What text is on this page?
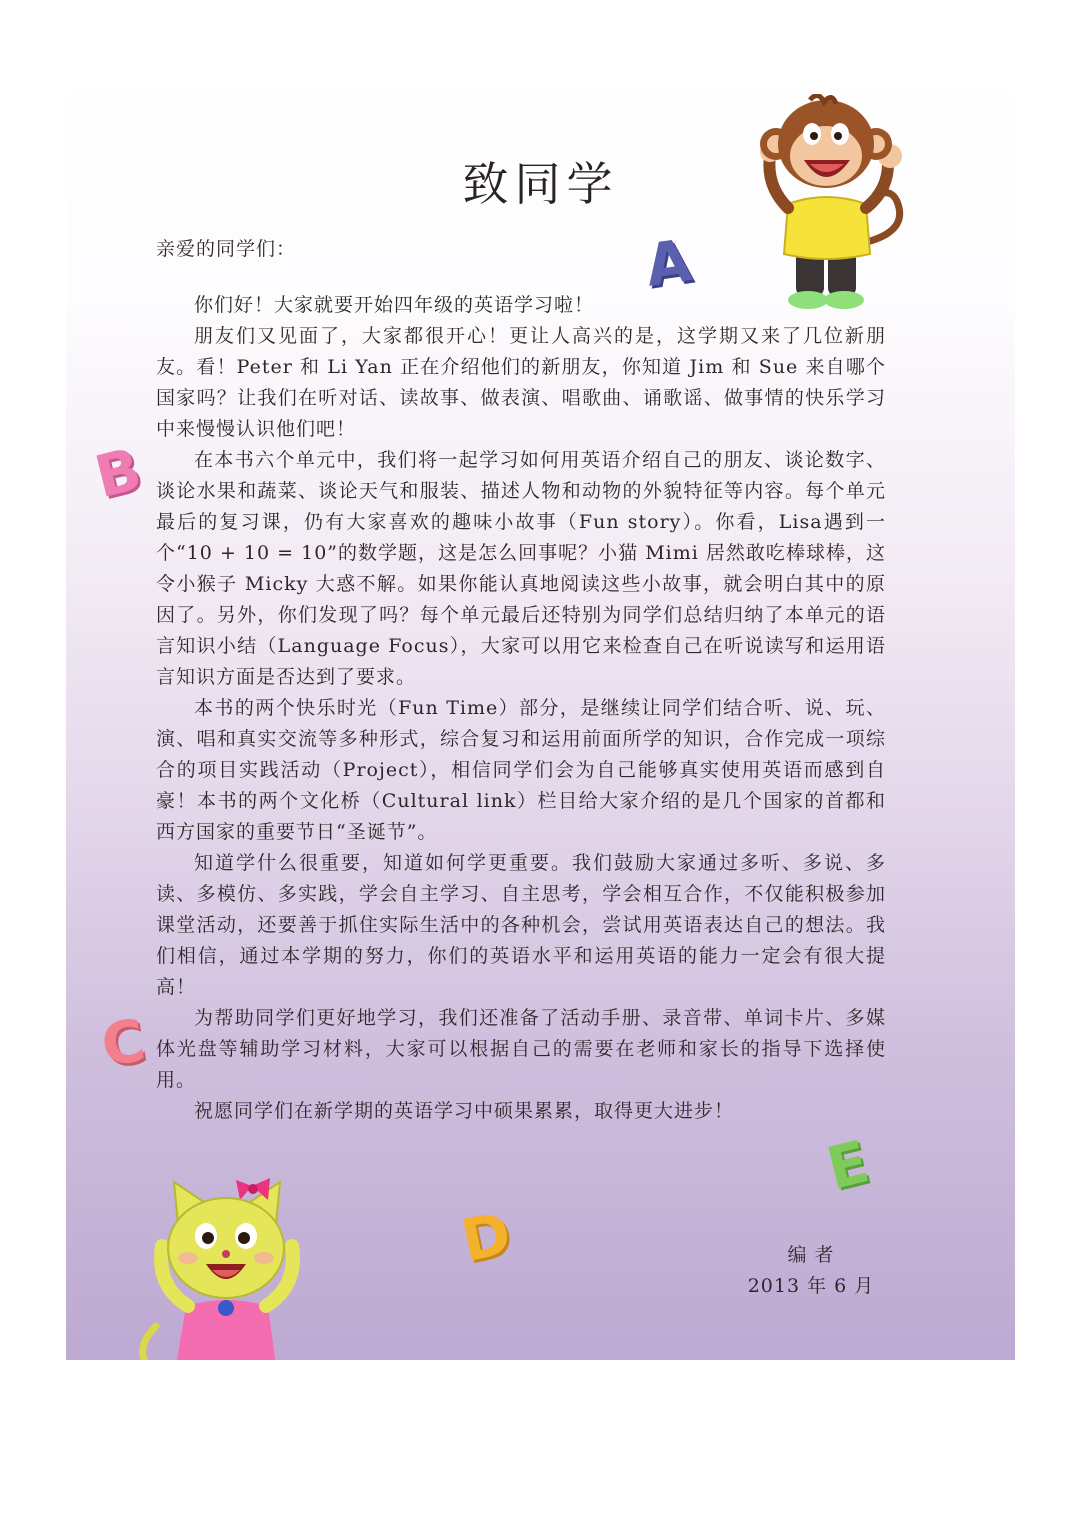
致同学
亲爱的同学们：

你们好！大家就要开始四年级的英语学习啦！

朋友们又见面了，大家都很开心！更让人高兴的是，这学期又来了几位新朋友。看！Peter 和 Li Yan 正在介绍他们的新朋友，你知道 Jim 和 Sue 来自哪个国家吗？让我们在听对话、读故事、做表演、唱歌曲、诵歌谣、做事情的快乐学习中来慢慢认识他们吧！

在本书六个单元中，我们将一起学习如何用英语介绍自己的朋友、谈论数字、谈论水果和蔬菜、谈论天气和服装、描述人物和动物的外貌特征等内容。每个单元最后的复习课，仍有大家喜欢的趣味小故事（Fun story）。你看，Lisa遇到一个“10 + 10 = 10”的数学题，这是怎么回事呢？小猫 Mimi 居然敢吃棒球棒，这令小猴子 Micky 大惑不解。如果你能认真地阅读这些小故事，就会明白其中的原因了。另外，你们发现了吗？每个单元最后还特别为同学们总结归纳了本单元的语言知识小结（Language Focus），大家可以用它来检查自己在听说读写和运用语言知识方面是否达到了要求。

本书的两个快乐时光（Fun Time）部分，是继续让同学们结合听、说、玩、演、唱和真实交流等多种形式，综合复习和运用前面所学的知识，合作完成一项综合的项目实践活动（Project），相信同学们会为自己能够真实使用英语而感到自豪！本书的两个文化桥（Cultural link）栏目给大家介绍的是几个国家的首都和西方国家的重要节日“圣诞节”。

知道学什么很重要，知道如何学更重要。我们鼓励大家通过多听、多说、多读、多模仿、多实践，学会自主学习、自主思考，学会相互合作，不仅能积极参加课堂活动，还要善于抓住实际生活中的各种机会，尝试用英语表达自己的想法。我们相信，通过本学期的努力，你们的英语水平和运用英语的能力一定会有很大提高！

为帮助同学们更好地学习，我们还准备了活动手册、录音带、单词卡片、多媒体光盘等辅助学习材料，大家可以根据自己的需要在老师和家长的指导下选择使用。

祝愿同学们在新学期的英语学习中硕果累累，取得更大进步！

编 者
2013 年 6 月
A
B
C
D
E
